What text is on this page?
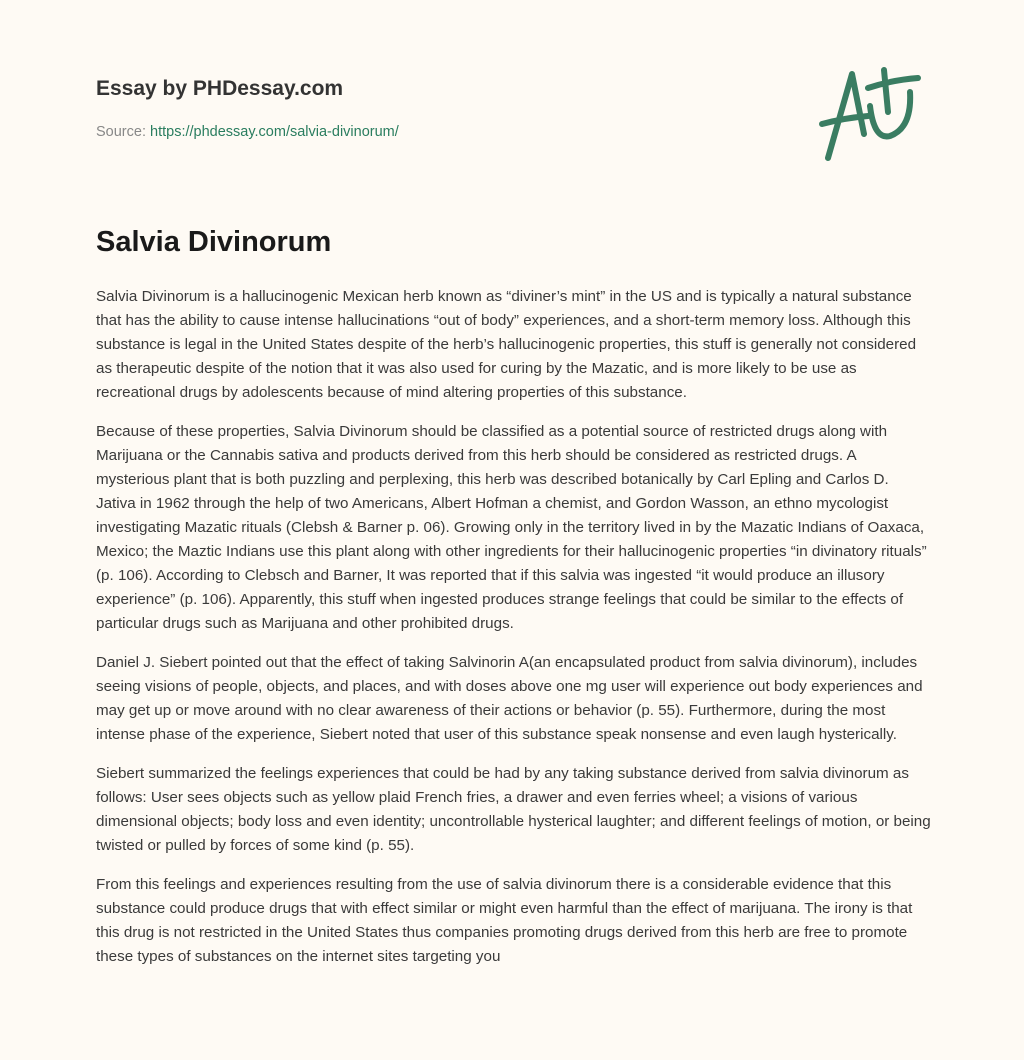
Essay by PHDessay.com
Source: https://phdessay.com/salvia-divinorum/
Salvia Divinorum

Salvia Divinorum is a hallucinogenic Mexican herb known as “diviner’s mint” in the US and is typically a natural substance that has the ability to cause intense hallucinations “out of body” experiences, and a short-term memory loss. Although this substance is legal in the United States despite of the herb’s hallucinogenic properties, this stuff is generally not considered as therapeutic despite of the notion that it was also used for curing by the Mazatic, and is more likely to be use as recreational drugs by adolescents because of mind altering properties of this substance.

Because of these properties, Salvia Divinorum should be classified as a potential source of restricted drugs along with Marijuana or the Cannabis sativa and products derived from this herb should be considered as restricted drugs. A mysterious plant that is both puzzling and perplexing, this herb was described botanically by Carl Epling and Carlos D. Jativa in 1962 through the help of two Americans, Albert Hofman a chemist, and Gordon Wasson, an ethno mycologist investigating Mazatic rituals (Clebsh & Barner p. 06). Growing only in the territory lived in by the Mazatic Indians of Oaxaca, Mexico; the Maztic Indians use this plant along with other ingredients for their hallucinogenic properties “in divinatory rituals” (p. 106). According to Clebsch and Barner, It was reported that if this salvia was ingested “it would produce an illusory experience” (p. 106). Apparently, this stuff when ingested produces strange feelings that could be similar to the effects of particular drugs such as Marijuana and other prohibited drugs.

Daniel J. Siebert pointed out that the effect of taking Salvinorin A(an encapsulated product from salvia divinorum), includes seeing visions of people, objects, and places, and with doses above one mg user will experience out body experiences and may get up or move around with no clear awareness of their actions or behavior (p. 55). Furthermore, during the most intense phase of the experience, Siebert noted that user of this substance speak nonsense and even laugh hysterically.

Siebert summarized the feelings experiences that could be had by any taking substance derived from salvia divinorum as follows: User sees objects such as yellow plaid French fries, a drawer and even ferries wheel; a visions of various dimensional objects; body loss and even identity; uncontrollable hysterical laughter; and different feelings of motion, or being twisted or pulled by forces of some kind (p. 55).

From this feelings and experiences resulting from the use of salvia divinorum there is a considerable evidence that this substance could produce drugs that with effect similar or might even harmful than the effect of marijuana. The irony is that this drug is not restricted in the United States thus companies promoting drugs derived from this herb are free to promote these types of substances on the internet sites targeting you
